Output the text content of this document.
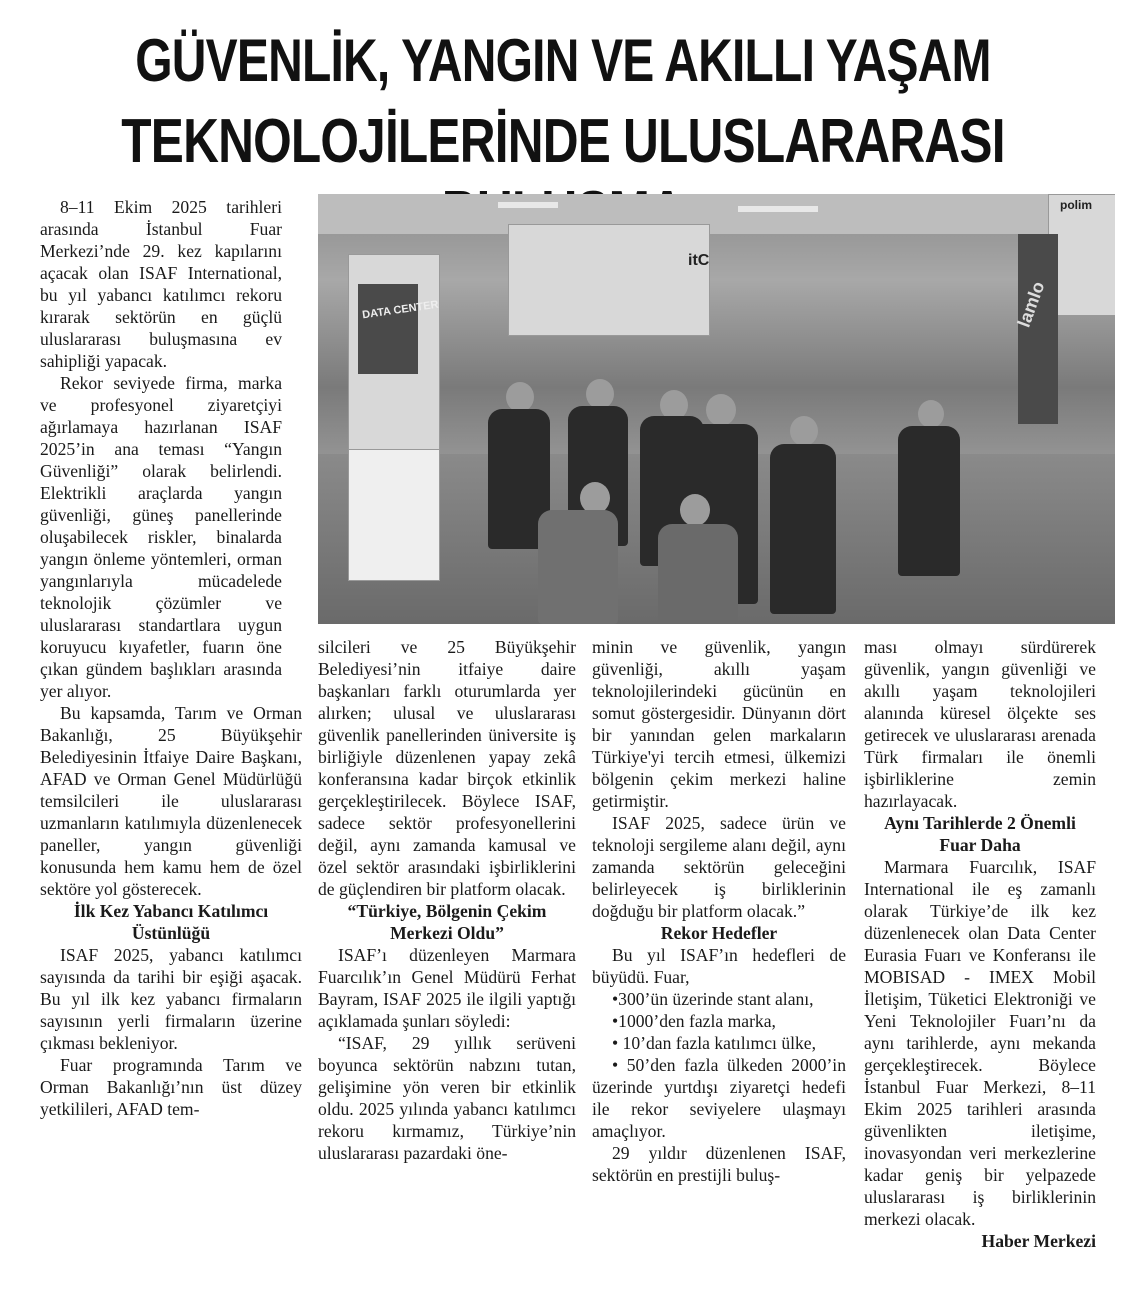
GÜVENLİK, YANGIN VE AKILLI YAŞAM
TEKNOLOJİLERİNDE ULUSLARARASI
DATA CENTER
itC
polim
lamlo

8–11 Ekim 2025 tarihleri arasında İstanbul Fuar Merkezi’nde 29. kez kapılarını açacak olan ISAF International, bu yıl yabancı katılımcı rekoru kırarak sektörün en güçlü uluslararası buluşmasına ev sahipliği yapacak.

Rekor seviyede firma, marka ve profesyonel ziyaretçiyi ağırlamaya hazırlanan ISAF 2025’in ana teması “Yangın Güvenliği” olarak belirlendi. Elektrikli araçlarda yangın güvenliği, güneş panellerinde oluşabilecek riskler, binalarda yangın önleme yöntemleri, orman yangınlarıyla mücadelede teknolojik çözümler ve uluslararası standartlara uygun koruyucu kıyafetler, fuarın öne çıkan gündem başlıkları arasında yer alıyor.

Bu kapsamda, Tarım ve Orman Bakanlığı, 25 Büyükşehir Belediyesinin İtfaiye Daire Başkanı, AFAD ve Orman Genel Müdürlüğü temsilcileri ile uluslararası uzmanların katılımıyla düzenlenecek paneller, yangın güvenliği konusunda hem kamu hem de özel sektöre yol gösterecek.

İlk Kez Yabancı Katılımcı Üstünlüğü

ISAF 2025, yabancı katılımcı sayısında da tarihi bir eşiği aşacak. Bu yıl ilk kez yabancı firmaların sayısının yerli firmaların üzerine çıkması bekleniyor.

Fuar programında Tarım ve Orman Bakanlığı’nın üst düzey yetkilileri, AFAD tem-

silcileri ve 25 Büyükşehir Belediyesi’nin itfaiye daire başkanları farklı oturumlarda yer alırken; ulusal ve uluslararası güvenlik panellerinden üniversite iş birliğiyle düzenlenen yapay zekâ konferansına kadar birçok etkinlik gerçekleştirilecek. Böylece ISAF, sadece sektör profesyonellerini değil, aynı zamanda kamusal ve özel sektör arasındaki işbirliklerini de güçlendiren bir platform olacak.

“Türkiye, Bölgenin Çekim Merkezi Oldu”

ISAF’ı düzenleyen Marmara Fuarcılık’ın Genel Müdürü Ferhat Bayram, ISAF 2025 ile ilgili yaptığı açıklamada şunları söyledi:

“ISAF, 29 yıllık serüveni boyunca sektörün nabzını tutan, gelişimine yön veren bir etkinlik oldu. 2025 yılında yabancı katılımcı rekoru kırmamız, Türkiye’nin uluslararası pazardaki öne-

minin ve güvenlik, yangın güvenliği, akıllı yaşam teknolojilerindeki gücünün en somut göstergesidir. Dünyanın dört bir yanından gelen markaların Türkiye'yi tercih etmesi, ülkemizi bölgenin çekim merkezi haline getirmiştir.

ISAF 2025, sadece ürün ve teknoloji sergileme alanı değil, aynı zamanda sektörün geleceğini belirleyecek iş birliklerinin doğduğu bir platform olacak.”

Rekor Hedefler

Bu yıl ISAF’ın hedefleri de büyüdü. Fuar,

•300’ün üzerinde stant alanı,

•1000’den fazla marka,

• 10’dan fazla katılımcı ülke,

• 50’den fazla ülkeden 2000’in üzerinde yurtdışı ziyaretçi hedefi ile rekor seviyelere ulaşmayı amaçlıyor.

29 yıldır düzenlenen ISAF, sektörün en prestijli buluş-

ması olmayı sürdürerek güvenlik, yangın güvenliği ve akıllı yaşam teknolojileri alanında küresel ölçekte ses getirecek ve uluslararası arenada Türk firmaları ile önemli işbirliklerine zemin hazırlayacak.

Aynı Tarihlerde 2 Önemli Fuar Daha

Marmara Fuarcılık, ISAF International ile eş zamanlı olarak Türkiye’de ilk kez düzenlenecek olan Data Center Eurasia Fuarı ve Konferansı ile MOBISAD - IMEX Mobil İletişim, Tüketici Elektroniği ve Yeni Teknolojiler Fuarı’nı da aynı tarihlerde, aynı mekanda gerçekleştirecek. Böylece İstanbul Fuar Merkezi, 8–11 Ekim 2025 tarihleri arasında güvenlikten iletişime, inovasyondan veri merkezlerine kadar geniş bir yelpazede uluslararası iş birliklerinin merkezi olacak.

Haber Merkezi
